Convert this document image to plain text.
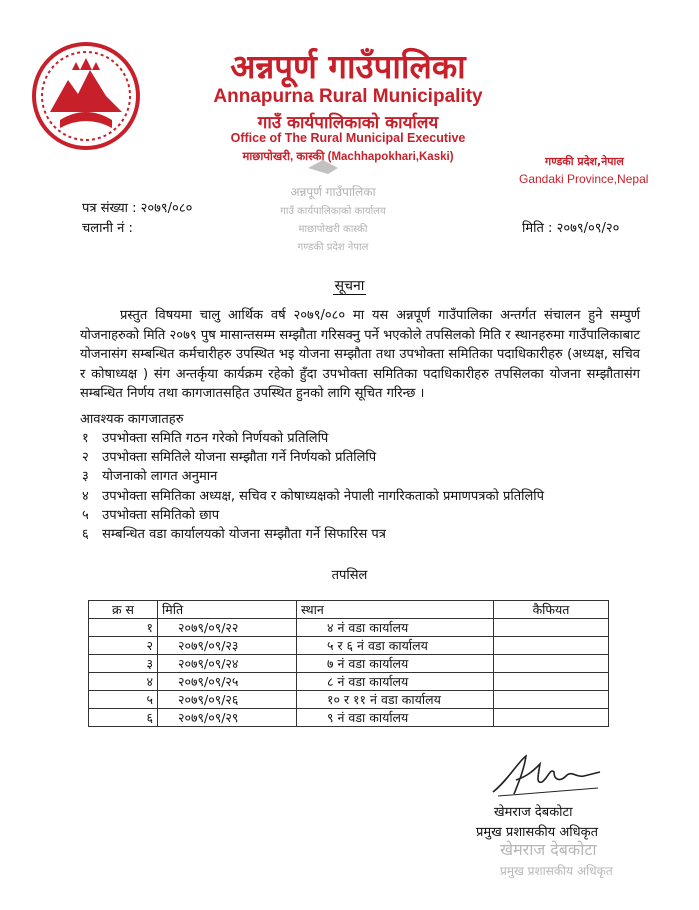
अन्नपूर्ण गाउँपालिका
Annapurna Rural Municipality
गाउँ कार्यपालिकाको कार्यालय
Office of The Rural Municipal Executive
माछापोखरी, कास्की (Machhapokhari,Kaski)	गण्डकी प्रदेश,नेपाल
Gandaki Province,Nepal
पत्र संख्या : २०७९/०८०
चलानी नं :	मिति : २०७९/०९/२०
अन्नपूर्ण गाउँपालिका
गाउँ कार्यपालिकाको कार्यालय
माछापोखरी कास्की
गण्डकी प्रदेश नेपाल
सूचना
प्रस्तुत विषयमा चालु आर्थिक वर्ष २०७९/०८० मा यस अन्नपूर्ण गाउँपालिका अन्तर्गत संचालन हुने सम्पुर्ण योजनाहरुको मिति २०७९ पुष मासान्तसम्म सम्झौता गरिसक्नु पर्ने भएकोले तपसिलको मिति र स्थानहरुमा गाउँपालिकाबाट योजनासंग सम्बन्धित कर्मचारीहरु उपस्थित भइ योजना सम्झौता तथा उपभोक्ता समितिका पदाधिकारीहरु (अध्यक्ष, सचिव र कोषाध्यक्ष ) संग अन्तर्कृया कार्यक्रम रहेको हुँदा उपभोक्ता समितिका पदाधिकारीहरु तपसिलका योजना सम्झौतासंग सम्बन्धित निर्णय तथा कागजातसहित उपस्थित हुनको लागि सूचित गरिन्छ ।
आवश्यक कागजातहरु
१ उपभोक्ता समिति गठन गरेको निर्णयको प्रतिलिपि
२ उपभोक्ता समितिले योजना सम्झौता गर्ने निर्णयको प्रतिलिपि
३ योजनाको लागत अनुमान
४ उपभोक्ता समितिका अध्यक्ष, सचिव र कोषाध्यक्षको नेपाली नागरिकताको प्रमाणपत्रको प्रतिलिपि
५ उपभोक्ता समितिको छाप
६ सम्बन्धित वडा कार्यालयको योजना सम्झौता गर्ने सिफारिस पत्र
तपसिल
क्र स	मिति	स्थान	कैफियत
१	२०७९/०९/२२	४ नं वडा कार्यालय	
२	२०७९/०९/२३	५ र ६ नं वडा कार्यालय	
३	२०७९/०९/२४	७ नं वडा कार्यालय	
४	२०७९/०९/२५	८ नं वडा कार्यालय	
५	२०७९/०९/२६	१० र ११ नं वडा कार्यालय	
६	२०७९/०९/२९	९ नं वडा कार्यालय	
खेमराज देबकोटा
प्रमुख प्रशासकीय अधिकृत
खेमराज देबकोटा
प्रमुख प्रशासकीय अधिकृत
